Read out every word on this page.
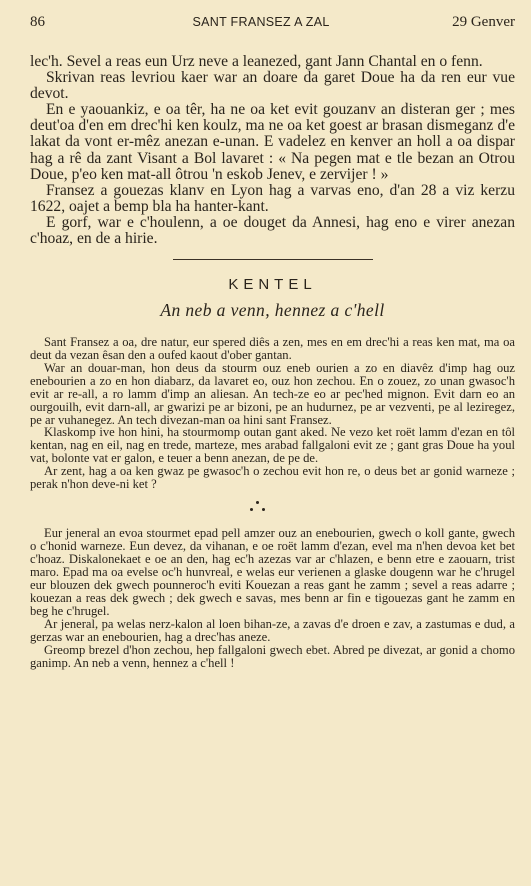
86	SANT FRANSEZ A ZAL	29 Genver

lec'h. Sevel a reas eun Urz neve a leanezed, gant Jann Chantal en o fenn.

Skrivan reas levriou kaer war an doare da garet Doue ha da ren eur vue devot.

En e yaouankiz, e oa têr, ha ne oa ket evit gouzanv an disteran ger ; mes deut'oa d'en em drec'hi ken koulz, ma ne oa ket goest ar brasan dismeganz d'e lakat da vont er-mêz anezan e-unan. E vadelez en kenver an holl a oa dispar hag a rê da zant Visant a Bol lavaret : « Na pegen mat e tle bezan an Otrou Doue, p'eo ken mat-all ôtrou 'n eskob Jenev, e zervijer ! »

Fransez a gouezas klanv en Lyon hag a varvas eno, d'an 28 a viz kerzu 1622, oajet a bemp bla ha hanter-kant.

E gorf, war e c'houlenn, a oe douget da Annesi, hag eno e virer anezan c'hoaz, en de a hirie.

KENTEL
An neb a venn, hennez a c'hell

Sant Fransez a oa, dre natur, eur spered diês a zen, mes en em drec'hi a reas ken mat, ma oa deut da vezan êsan den a oufed kaout d'ober gantan.

War an douar-man, hon deus da stourm ouz eneb ourien a zo en diavêz d'imp hag ouz enebourien a zo en hon diabarz, da lavaret eo, ouz hon zechou. En o zouez, zo unan gwasoc'h evit ar re-all, a ro lamm d'imp an aliesan. An tech-ze eo ar pec'hed mignon. Evit darn eo an ourgouilh, evit darn-all, ar gwarizi pe ar bizoni, pe an hudurnez, pe ar vezventi, pe al leziregez, pe ar vuhanegez. An tech divezan-man oa hini sant Fransez.

Klaskomp ive hon hini, ha stourmomp outan gant aked. Ne vezo ket roët lamm d'ezan en tôl kentan, nag en eil, nag en trede, marteze, mes arabad fallgaloni evit ze ; gant gras Doue ha youl vat, bolonte vat er galon, e teuer a benn anezan, de pe de.

Ar zent, hag a oa ken gwaz pe gwasoc'h o zechou evit hon re, o deus bet ar gonid warneze ; perak n'hon deve-ni ket ?

Eur jeneral an evoa stourmet epad pell amzer ouz an enebourien, gwech o koll gante, gwech o c'honid warneze. Eun devez, da vihanan, e oe roët lamm d'ezan, evel ma n'hen devoa ket bet c'hoaz. Diskalonekaet e oe an den, hag ec'h azezas var ar c'hlazen, e benn etre e zaouarn, trist maro. Epad ma oa evelse oc'h hunvreal, e welas eur verienen a glaske dougenn war he c'hrugel eur blouzen dek gwech pounneroc'h eviti Kouezan a reas gant he zamm ; sevel a reas adarre ; kouezan a reas dek gwech ; dek gwech e savas, mes benn ar fin e tigouezas gant he zamm en beg he c'hrugel.

Ar jeneral, pa welas nerz-kalon al loen bihan-ze, a zavas d'e droen e zav, a zastumas e dud, a gerzas war an enebourien, hag a drec'has aneze.

Greomp brezel d'hon zechou, hep fallgaloni gwech ebet. Abred pe divezat, ar gonid a chomo ganimp. An neb a venn, hennez a c'hell !
